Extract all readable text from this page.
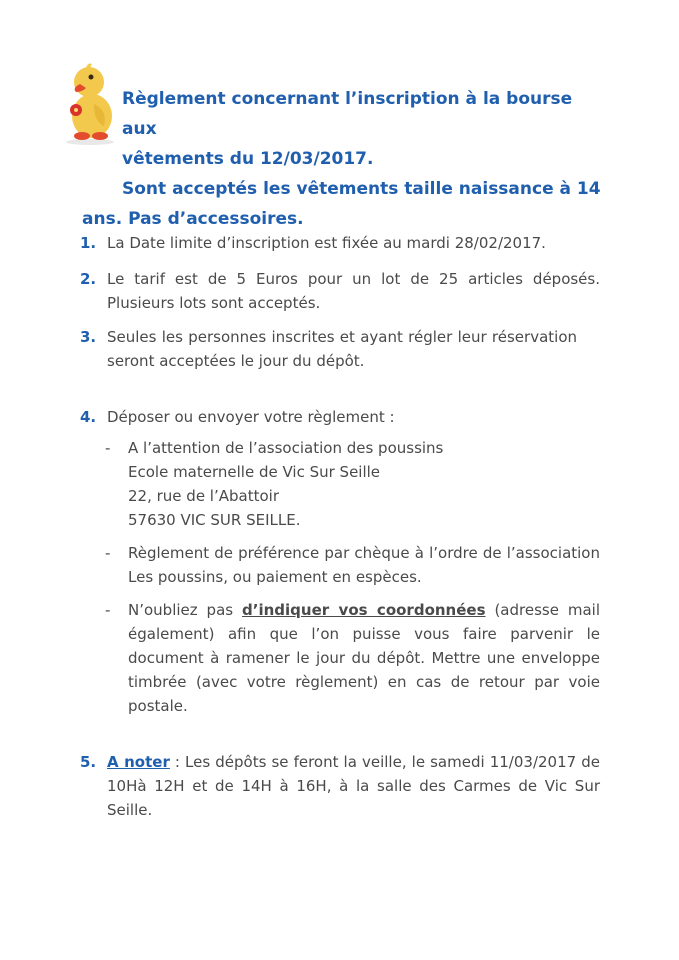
Règlement concernant l’inscription à la bourse aux
vêtements du 12/03/2017.
Sont acceptés les vêtements taille naissance à 14
ans. Pas d’accessoires.
1. La Date limite d’inscription est fixée au mardi 28/02/2017.
2. Le tarif est de 5 Euros pour un lot de 25 articles déposés. Plusieurs lots sont acceptés.
3. Seules les personnes inscrites et ayant régler leur réservation seront acceptées le jour du dépôt.
4. Déposer ou envoyer votre règlement :
- A l’attention de l’association des poussins
Ecole maternelle de Vic Sur Seille
22, rue de l’Abattoir
57630 VIC SUR SEILLE.
- Règlement de préférence par chèque à l’ordre de l’association Les poussins, ou paiement en espèces.
- N’oubliez pas d’indiquer vos coordonnées (adresse mail également) afin que l’on puisse vous faire parvenir le document à ramener le jour du dépôt. Mettre une enveloppe timbrée (avec votre règlement) en cas de retour par voie postale.
5. A noter : Les dépôts se feront la veille, le samedi 11/03/2017 de 10Hà 12H et de 14H à 16H, à la salle des Carmes de Vic Sur Seille.
